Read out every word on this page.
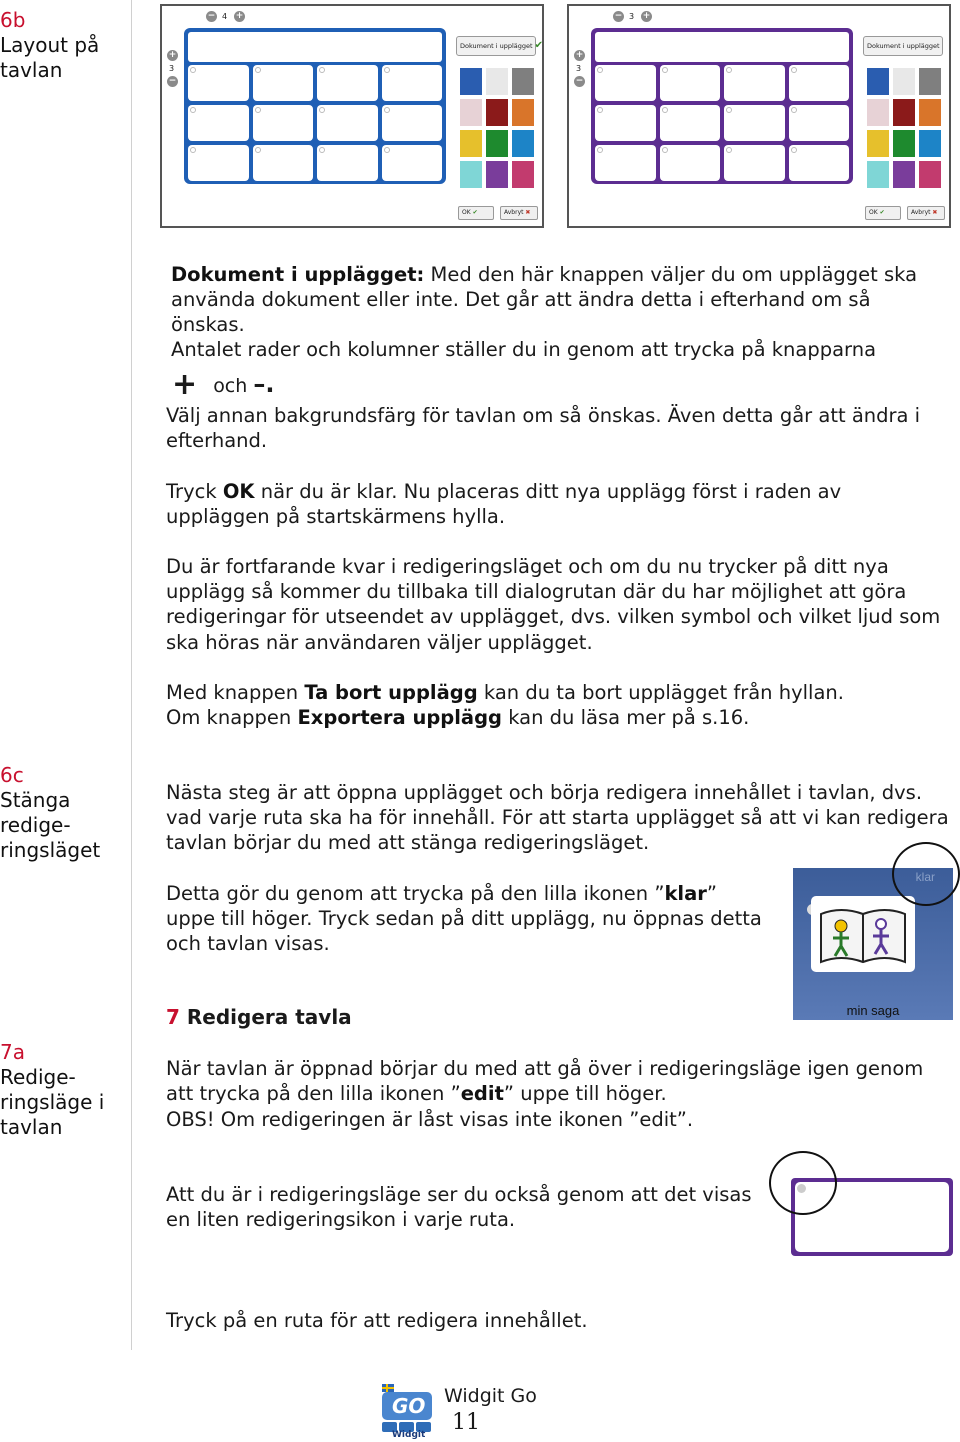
6b
Layout på
tavlan
6c
Stänga
redige-
ringsläget
7a
Redige-
ringsläge i
tavlan
− 4 +
+
3
−
Dokument i upplägget ✔
OK ✔	Avbryt ✖
− 3 +
+
3
−
Dokument i upplägget
OK ✔	Avbryt ✖
Dokument i upplägget: Med den här knappen väljer du om upplägget ska använda dokument eller inte. Det går att ändra detta i efterhand om så önskas.
Antalet rader och kolumner ställer du in genom att trycka på knapparna
+ och –.
Välj annan bakgrundsfärg för tavlan om så önskas. Även detta går att ändra i efterhand.
Tryck OK när du är klar. Nu placeras ditt nya upplägg först i raden av uppläggen på startskärmens hylla.
Du är fortfarande kvar i redigeringsläget och om du nu trycker på ditt nya upplägg så kommer du tillbaka till dialogrutan där du har möjlighet att göra redigeringar för utseendet av upplägget, dvs. vilken symbol och vilket ljud som ska höras när användaren väljer upplägget.
Med knappen Ta bort upplägg kan du ta bort upplägget från hyllan.
Om knappen Exportera upplägg kan du läsa mer på s.16.
Nästa steg är att öppna upplägget och börja redigera innehållet i tavlan, dvs. vad varje ruta ska ha för innehåll. För att starta upplägget så att vi kan redigera tavlan börjar du med att stänga redigeringsläget.
Detta gör du genom att trycka på den lilla ikonen ”klar” uppe till höger. Tryck sedan på ditt upplägg, nu öppnas detta och tavlan visas.
klar
min saga
7 Redigera tavla
När tavlan är öppnad börjar du med att gå över i redigeringsläge igen genom att trycka på den lilla ikonen ”edit” uppe till höger.
OBS! Om redigeringen är låst visas inte ikonen ”edit”.
Att du är i redigeringsläge ser du också genom att det visas en liten redigeringsikon i varje ruta.
Tryck på en ruta för att redigera innehållet.
GO
Widgit
Widgit Go
11
